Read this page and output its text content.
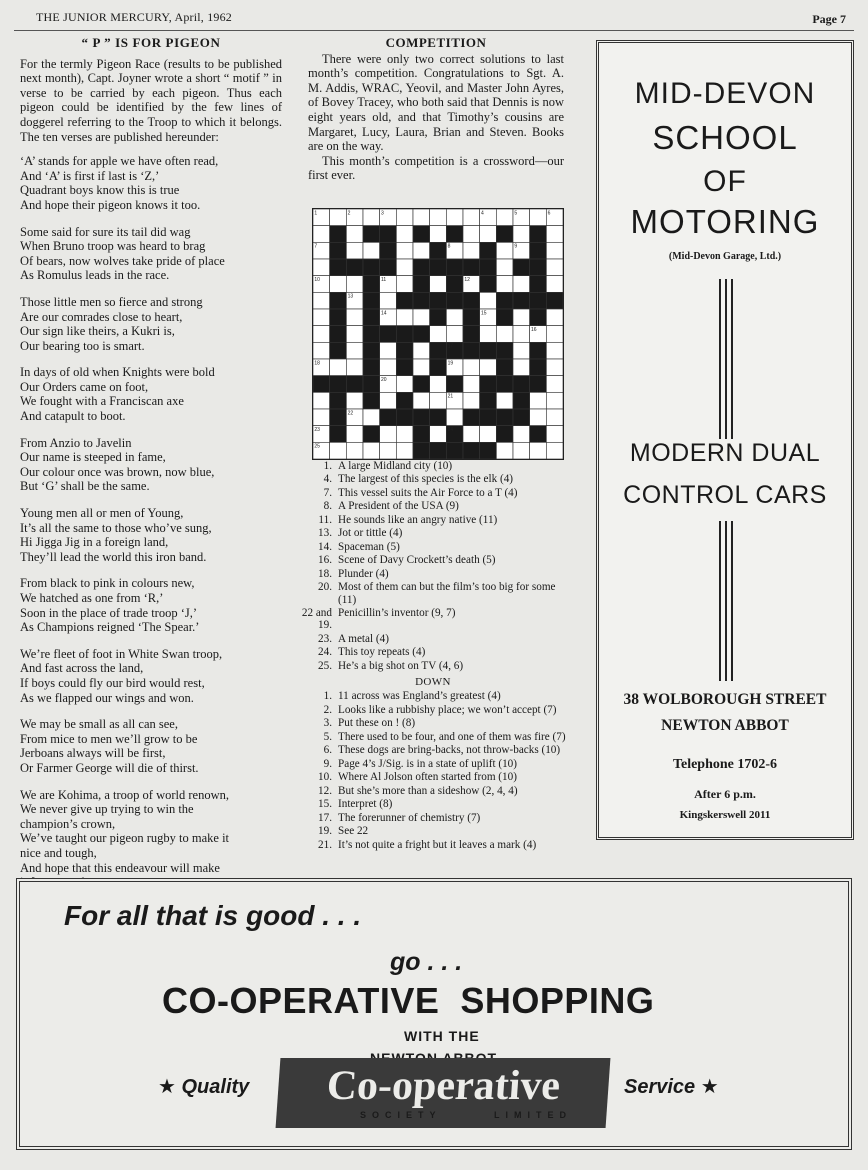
THE JUNIOR MERCURY, April, 1962	Page 7
“ P ” IS FOR PIGEON

For the termly Pigeon Race (results to be published next month), Capt. Joyner wrote a short “ motif ” in verse to be carried by each pigeon. Thus each pigeon could be identified by the few lines of doggerel referring to the Troop to which it belongs. The ten verses are published hereunder:

‘A’ stands for apple we have often read,
And ‘A’ is first if last is ‘Z,’
Quadrant boys know this is true
And hope their pigeon knows it too.
Some said for sure its tail did wag
When Bruno troop was heard to brag
Of bears, now wolves take pride of place
As Romulus leads in the race.
Those little men so fierce and strong
Are our comrades close to heart,
Our sign like theirs, a Kukri is,
Our bearing too is smart.
In days of old when Knights were bold
Our Orders came on foot,
We fought with a Franciscan axe
And catapult to boot.
From Anzio to Javelin
Our name is steeped in fame,
Our colour once was brown, now blue,
But ‘G’ shall be the same.
Young men all or men of Young,
It’s all the same to those who’ve sung,
Hi Jigga Jig in a foreign land,
They’ll lead the world this iron band.
From black to pink in colours new,
We hatched as one from ‘R,’
Soon in the place of trade troop ‘J,’
As Champions reigned ‘The Spear.’
We’re fleet of foot in White Swan troop,
And fast across the land,
If boys could fly our bird would rest,
As we flapped our wings and won.
We may be small as all can see,
From mice to men we’ll grow to be
Jerboans always will be first,
Or Farmer George will die of thirst.
We are Kohima, a troop of world renown,
We never give up trying to win the
champion’s crown,
We’ve taught our pigeon rugby to make it
nice and tough,
And hope that this endeavour will make

COMPETITION

There were only two correct solutions to last month’s competition. Congratulations to Sgt. A. M. Addis, WRAC, Yeovil, and Master John Ayres, of Bovey Tracey, who both said that Dennis is now eight years old, and that Timothy’s cousins are Margaret, Lucy, Laura, Brian and Steven. Books are on the way.

This month’s competition is a crossword—our first ever.

1. A large Midland city (10)
4. The largest of this species is the elk (4)
7. This vessel suits the Air Force to a T (4)
8. A President of the USA (9)
11. He sounds like an angry native (11)
13. Jot or tittle (4)
14. Spaceman (5)
16. Scene of Davy Crockett’s death (5)
18. Plunder (4)
20. Most of them can but the film’s too big for some (11)
22 and 19.
Penicillin’s inventor (9, 7)
23. A metal (4)
24. This toy repeats (4)
25. He’s a big shot on TV (4, 6)
DOWN
1. 11 across was England’s greatest (4)
2. Looks like a rubbishy place; we won’t accept (7)
3. Put these on ! (8)
5. There used to be four, and one of them was fire (7)
6. These dogs are bring-backs, not throw-backs (10)
9. Page 4’s J/Sig. is in a state of uplift (10)
10. Where Al Jolson often started from (10)
12. But she’s more than a sideshow (2, 4, 4)
15. Interpret (8)
17. The forerunner of chemistry (7)
19. See 22
21. It’s not quite a fright but it leaves a mark (4)
MID-DEVON
SCHOOL
OF
MOTORING
(Mid-Devon Garage, Ltd.)
MODERN DUAL
CONTROL CARS
38 WOLBOROUGH STREET
NEWTON ABBOT
Telephone 1702-6
After 6 p.m.
Kingskerswell 2011
For all that is good . . .
go . . .
CO-OPERATIVE  SHOPPING
WITH THE
★ Quality	Service ★
Co-operative
SOCIETY	LIMITED
